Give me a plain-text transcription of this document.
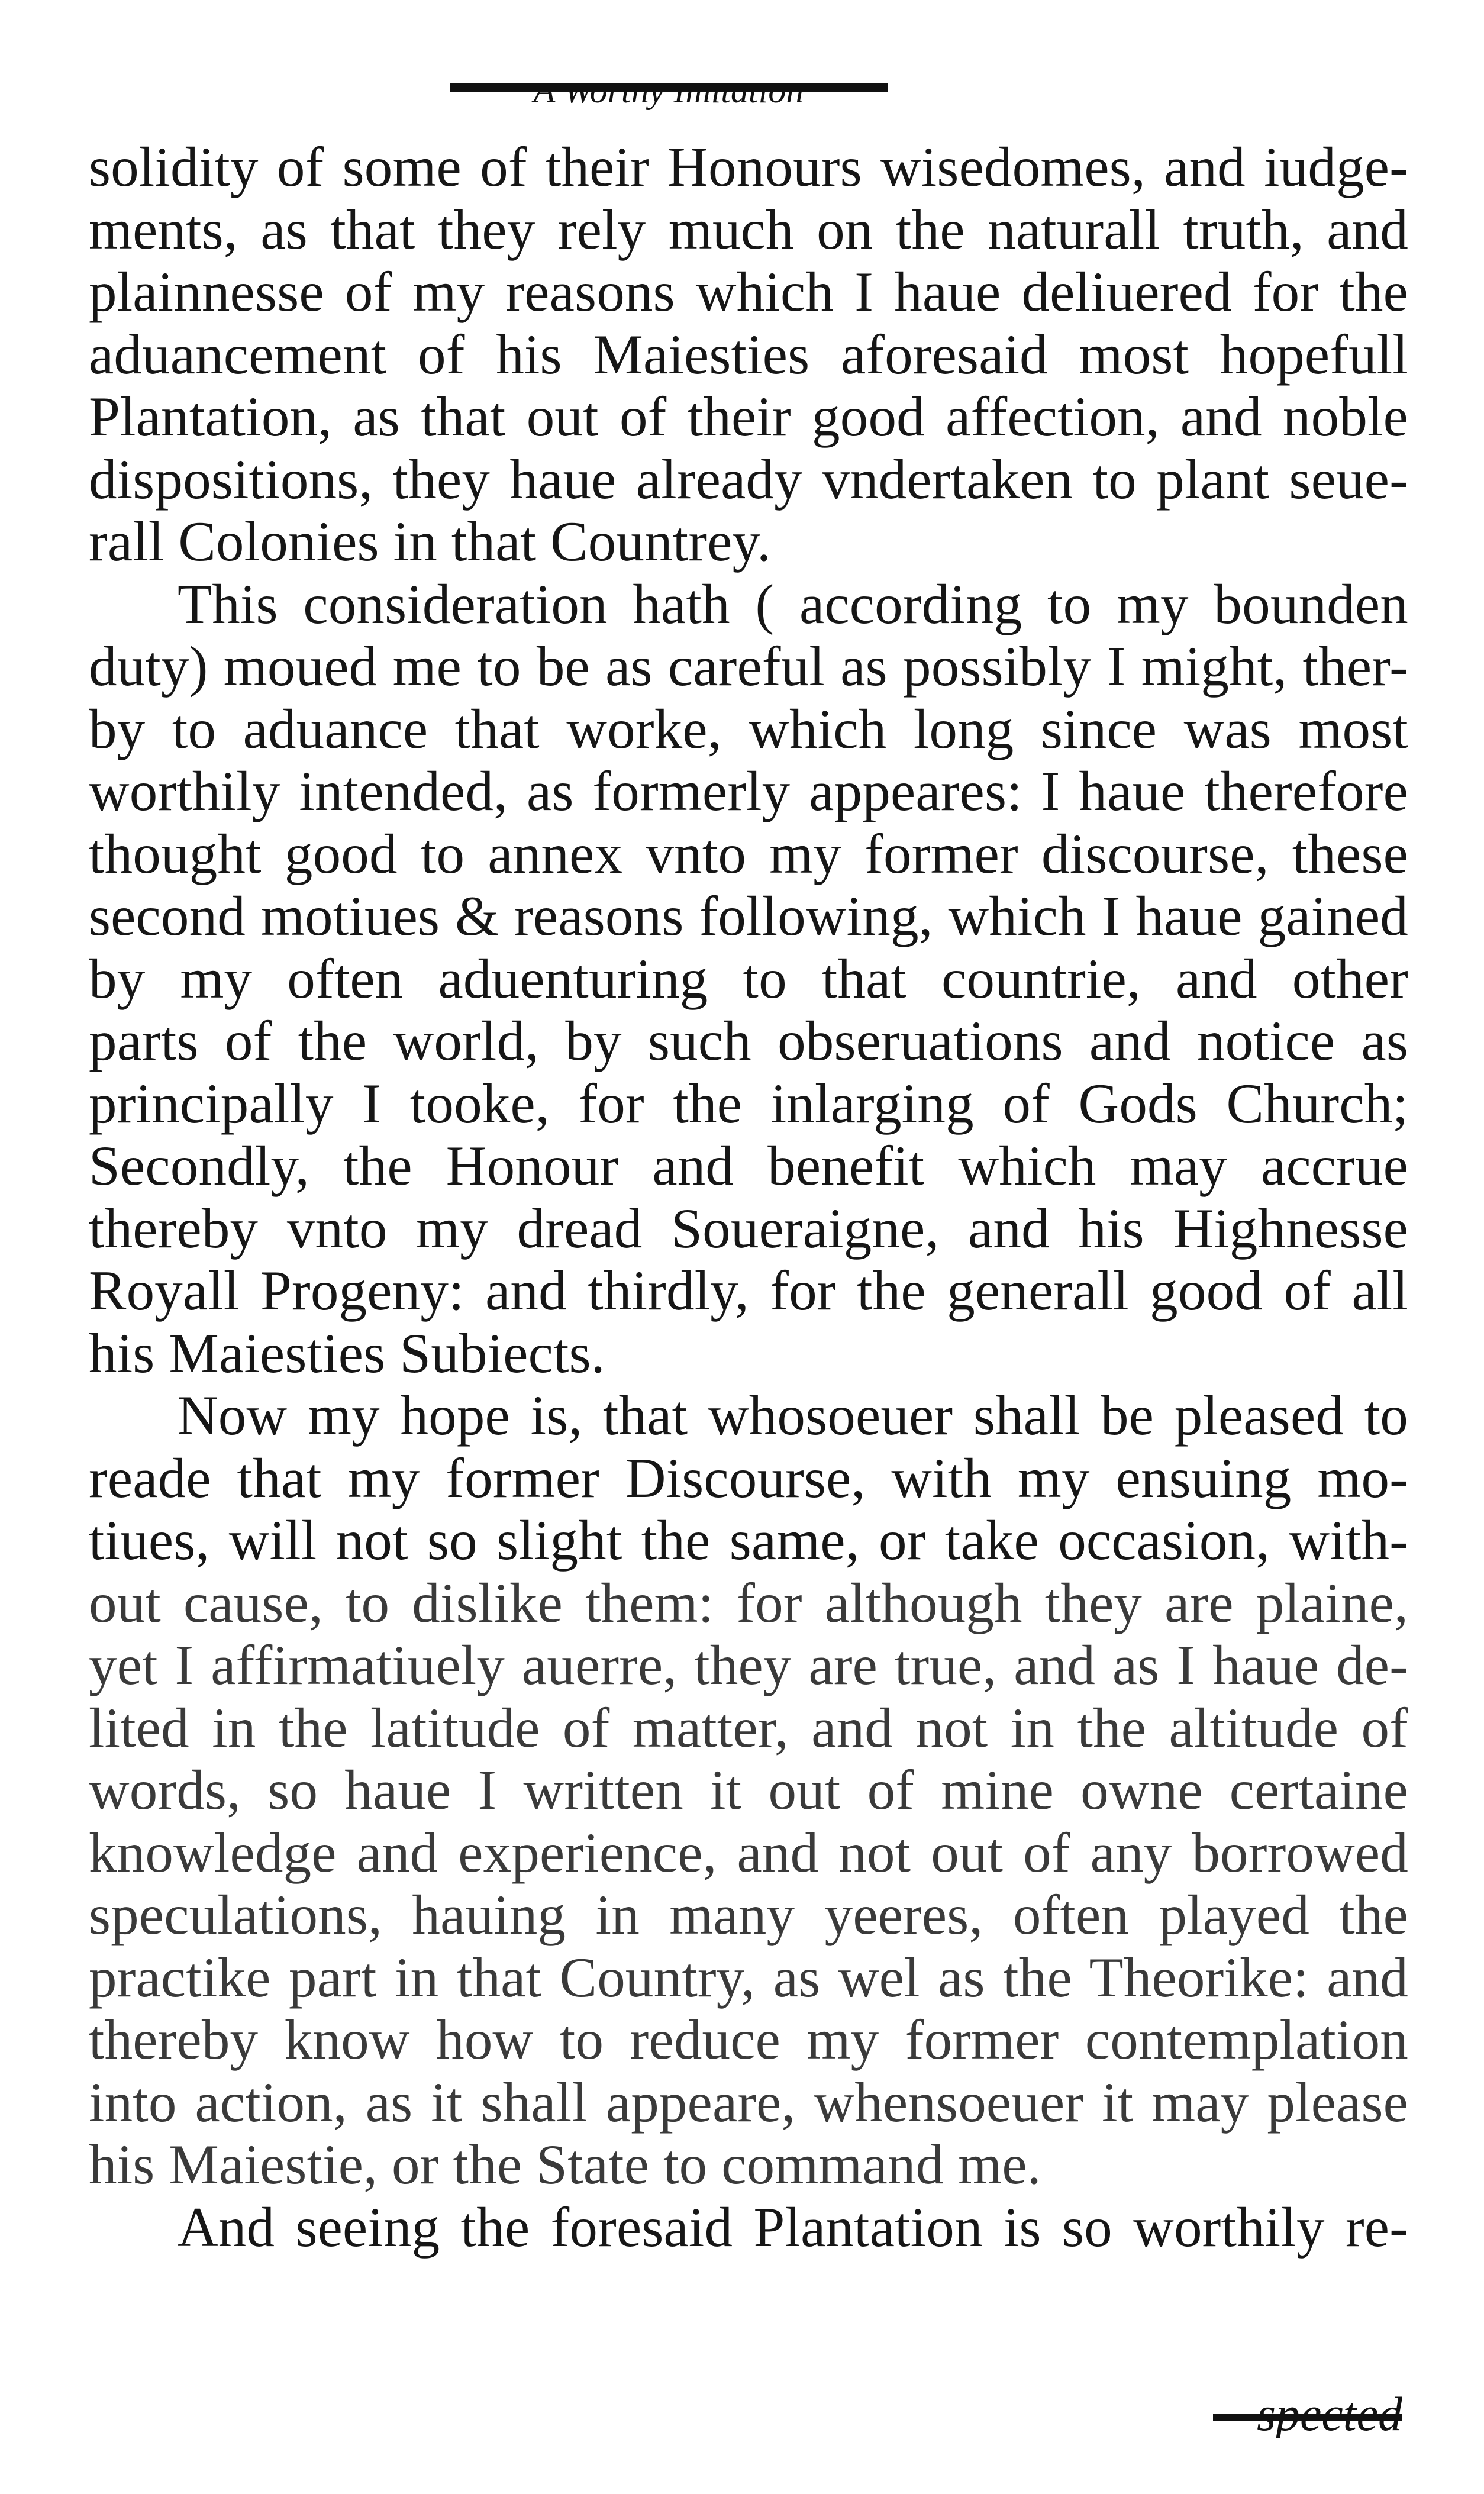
solidity of some of their Honours wisedomes, and iudge-
ments, as that they rely much on the naturall truth, and
plainnesse of my reasons which I haue deliuered for the
aduancement of his Maiesties aforesaid most hopefull
Plantation, as that out of their good affection, and noble
dispositions, they haue already vndertaken to plant seue-
rall Colonies in that Countrey.
This consideration hath ( according to my bounden
duty) moued me to be as careful as possibly I might, ther-
by to aduance that worke, which long since was most
worthily intended, as formerly appeares: I haue therefore
thought good to annex vnto my former discourse, these
second motiues & reasons following, which I haue gained
by my often aduenturing to that countrie, and other
parts of the world, by such obseruations and notice as
principally I tooke, for the inlarging of Gods Church;
Secondly, the Honour and benefit which may accrue
thereby vnto my dread Soueraigne, and his Highnesse
Royall Progeny: and thirdly, for the generall good of all
his Maiesties Subiects.
Now my hope is, that whosoeuer shall be pleased to
reade that my former Discourse, with my ensuing mo-
tiues, will not so slight the same, or take occasion, with-
out cause, to dislike them: for although they are plaine,
yet I affirmatiuely auerre, they are true, and as I haue de-
lited in the latitude of matter, and not in the altitude of
words, so haue I written it out of mine owne certaine
knowledge and experience, and not out of any borrowed
speculations, hauing in many yeeres, often played the
practike part in that Country, as wel as the Theorike: and
thereby know how to reduce my former contemplation
into action, as it shall appeare, whensoeuer it may please
his Maiestie, or the State to command me.
And seeing the foresaid Plantation is so worthily re-
